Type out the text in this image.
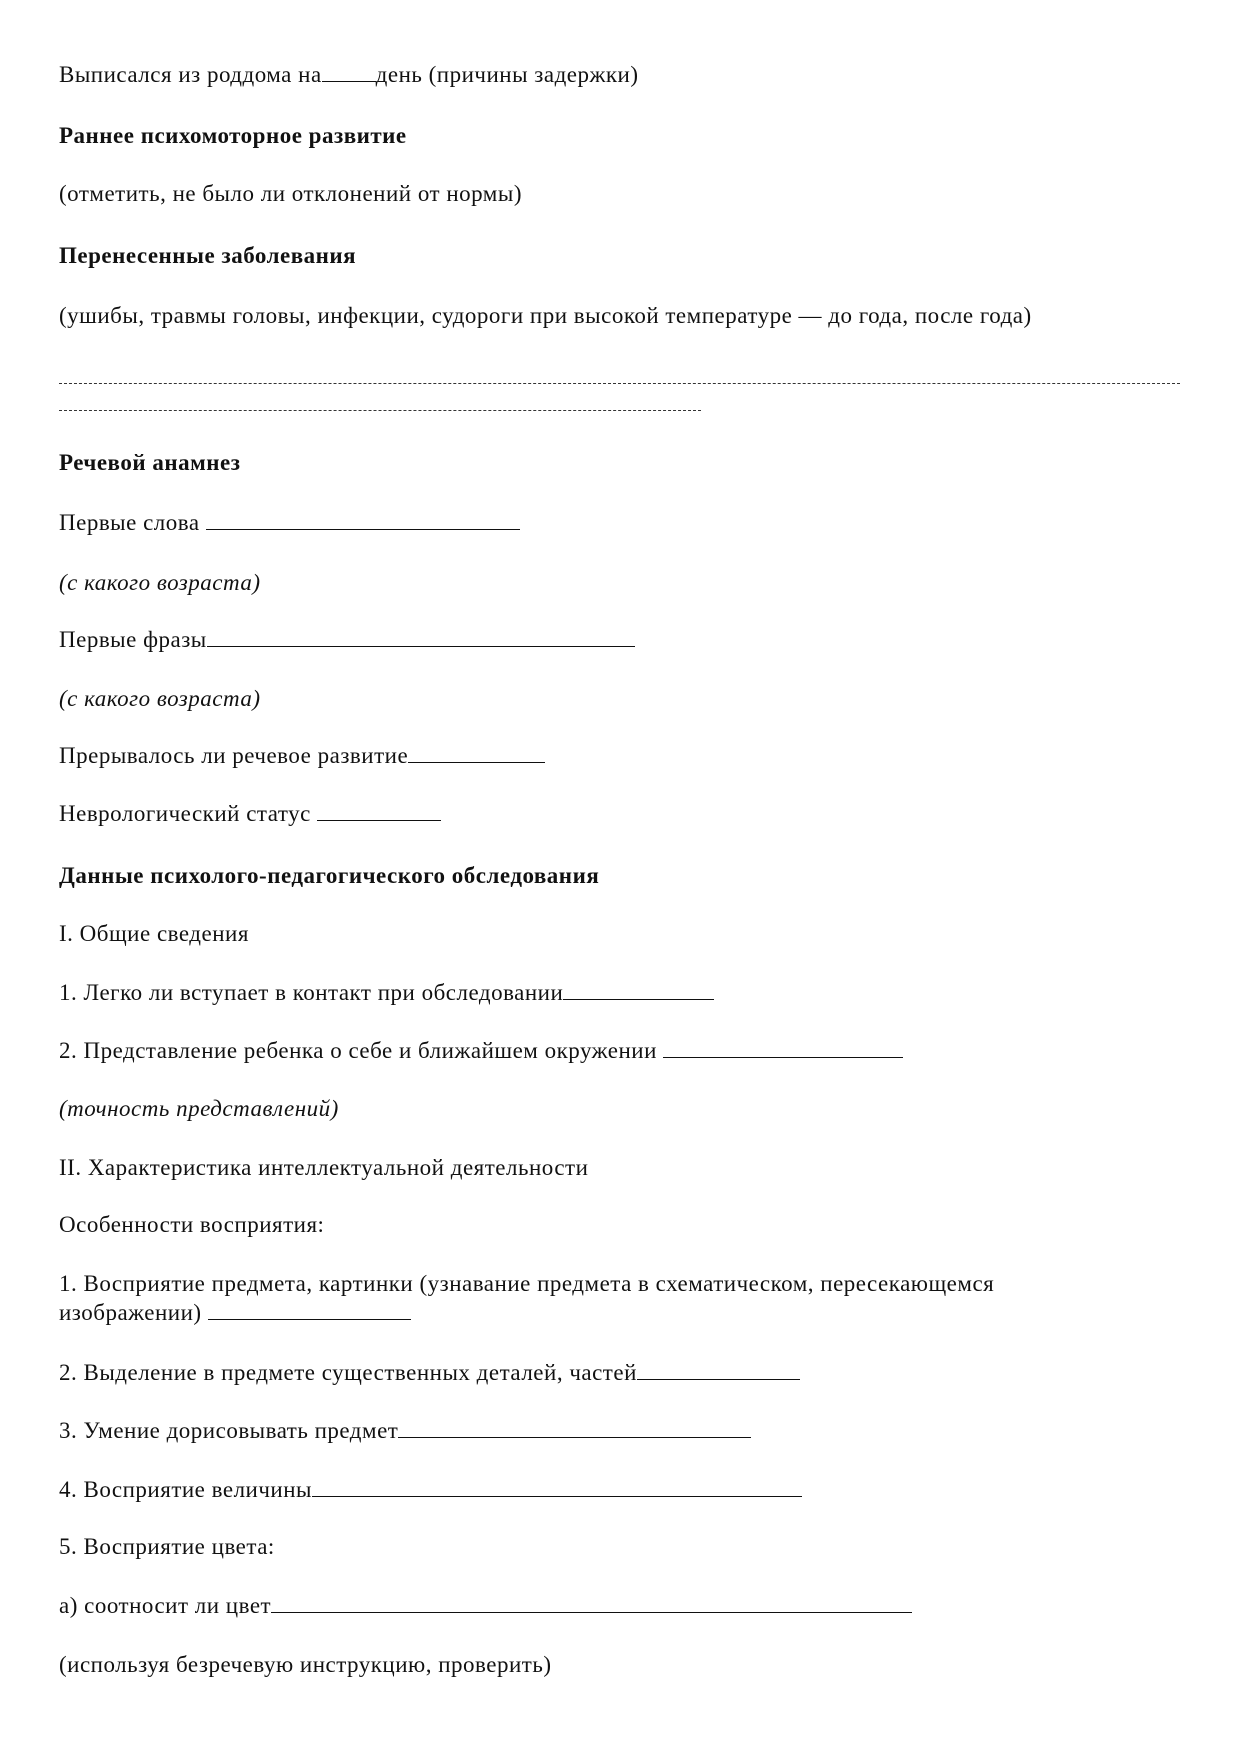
Выписался из роддома на день (причины задержки)
Раннее психомоторное развитие
(отметить, не было ли отклонений от нормы)
Перенесенные заболевания
(ушибы, травмы головы, инфекции, судороги при высокой температуре — до года, после года)
Речевой анамнез
Первые слова
(с какого возраста)
Первые фразы
(с какого возраста)
Прерывалось ли речевое развитие
Неврологический статус
Данные психолого-педагогического обследования
I. Общие сведения
1. Легко ли вступает в контакт при обследовании
2. Представление ребенка о себе и ближайшем окружении
(точность представлений)
II. Характеристика интеллектуальной деятельности
Особенности восприятия:
1. Восприятие предмета, картинки (узнавание предмета в схематическом, пересекающемся
изображении)
2. Выделение в предмете существенных деталей, частей
3. Умение дорисовывать предмет
4. Восприятие величины
5. Восприятие цвета:
а) соотносит ли цвет
(используя безречевую инструкцию, проверить)
